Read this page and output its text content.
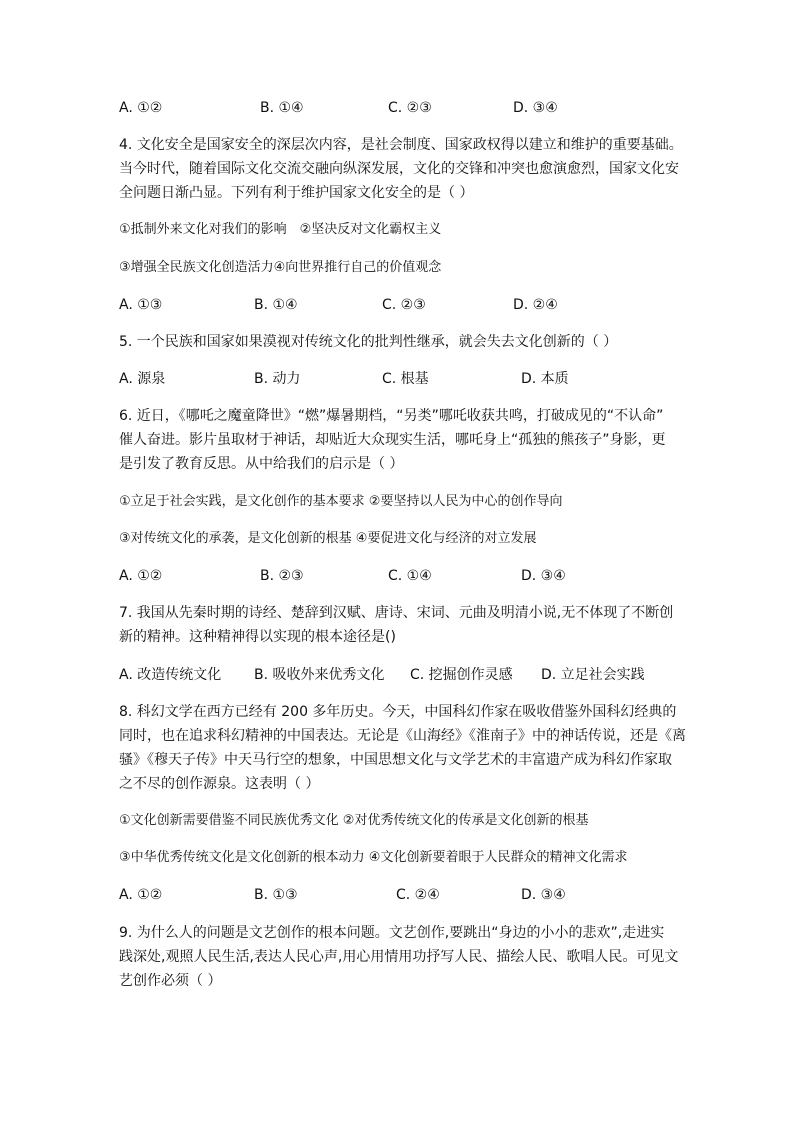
A. ①②	B. ①④	C. ②③	D. ③④
4. 文化安全是国家安全的深层次内容，是社会制度、国家政权得以建立和维护的重要基础。
当今时代，随着国际文化交流交融向纵深发展，文化的交锋和冲突也愈演愈烈，国家文化安
全问题日渐凸显。下列有利于维护国家文化安全的是（ ）
①抵制外来文化对我们的影响　②坚决反对文化霸权主义
③增强全民族文化创造活力④向世界推行自己的价值观念
A. ①③	B. ①④	C. ②③	D. ②④
5. 一个民族和国家如果漠视对传统文化的批判性继承，就会失去文化创新的（ ）
A. 源泉	B. 动力	C. 根基	D. 本质
6. 近日，《哪吒之魔童降世》“燃”爆暑期档，“另类”哪吒收获共鸣，打破成见的“不认命”
催人奋进。影片虽取材于神话，却贴近大众现实生活，哪吒身上“孤独的熊孩子”身影，更
是引发了教育反思。从中给我们的启示是（ ）
①立足于社会实践，是文化创作的基本要求 ②要坚持以人民为中心的创作导向
③对传统文化的承袭，是文化创新的根基 ④要促进文化与经济的对立发展
A. ①②	B. ②③	C. ①④	D. ③④
7. 我国从先秦时期的诗经、楚辞到汉赋、唐诗、宋词、元曲及明清小说,无不体现了不断创
新的精神。这种精神得以实现的根本途径是()
A. 改造传统文化 B. 吸收外来优秀文化 C. 挖掘创作灵感 D. 立足社会实践
8. 科幻文学在西方已经有 200 多年历史。今天，中国科幻作家在吸收借鉴外国科幻经典的
同时，也在追求科幻精神的中国表达。无论是《山海经》《淮南子》中的神话传说，还是《离
骚》《穆天子传》中天马行空的想象，中国思想文化与文学艺术的丰富遗产成为科幻作家取
之不尽的创作源泉。这表明（ ）
①文化创新需要借鉴不同民族优秀文化 ②对优秀传统文化的传承是文化创新的根基
③中华优秀传统文化是文化创新的根本动力 ④文化创新要着眼于人民群众的精神文化需求
A. ①②	B. ①③	C. ②④	D. ③④
9. 为什么人的问题是文艺创作的根本问题。文艺创作,要跳出“身边的小小的悲欢”,走进实
践深处,观照人民生活,表达人民心声,用心用情用功抒写人民、描绘人民、歌唱人民。可见文
艺创作必须（ ）
